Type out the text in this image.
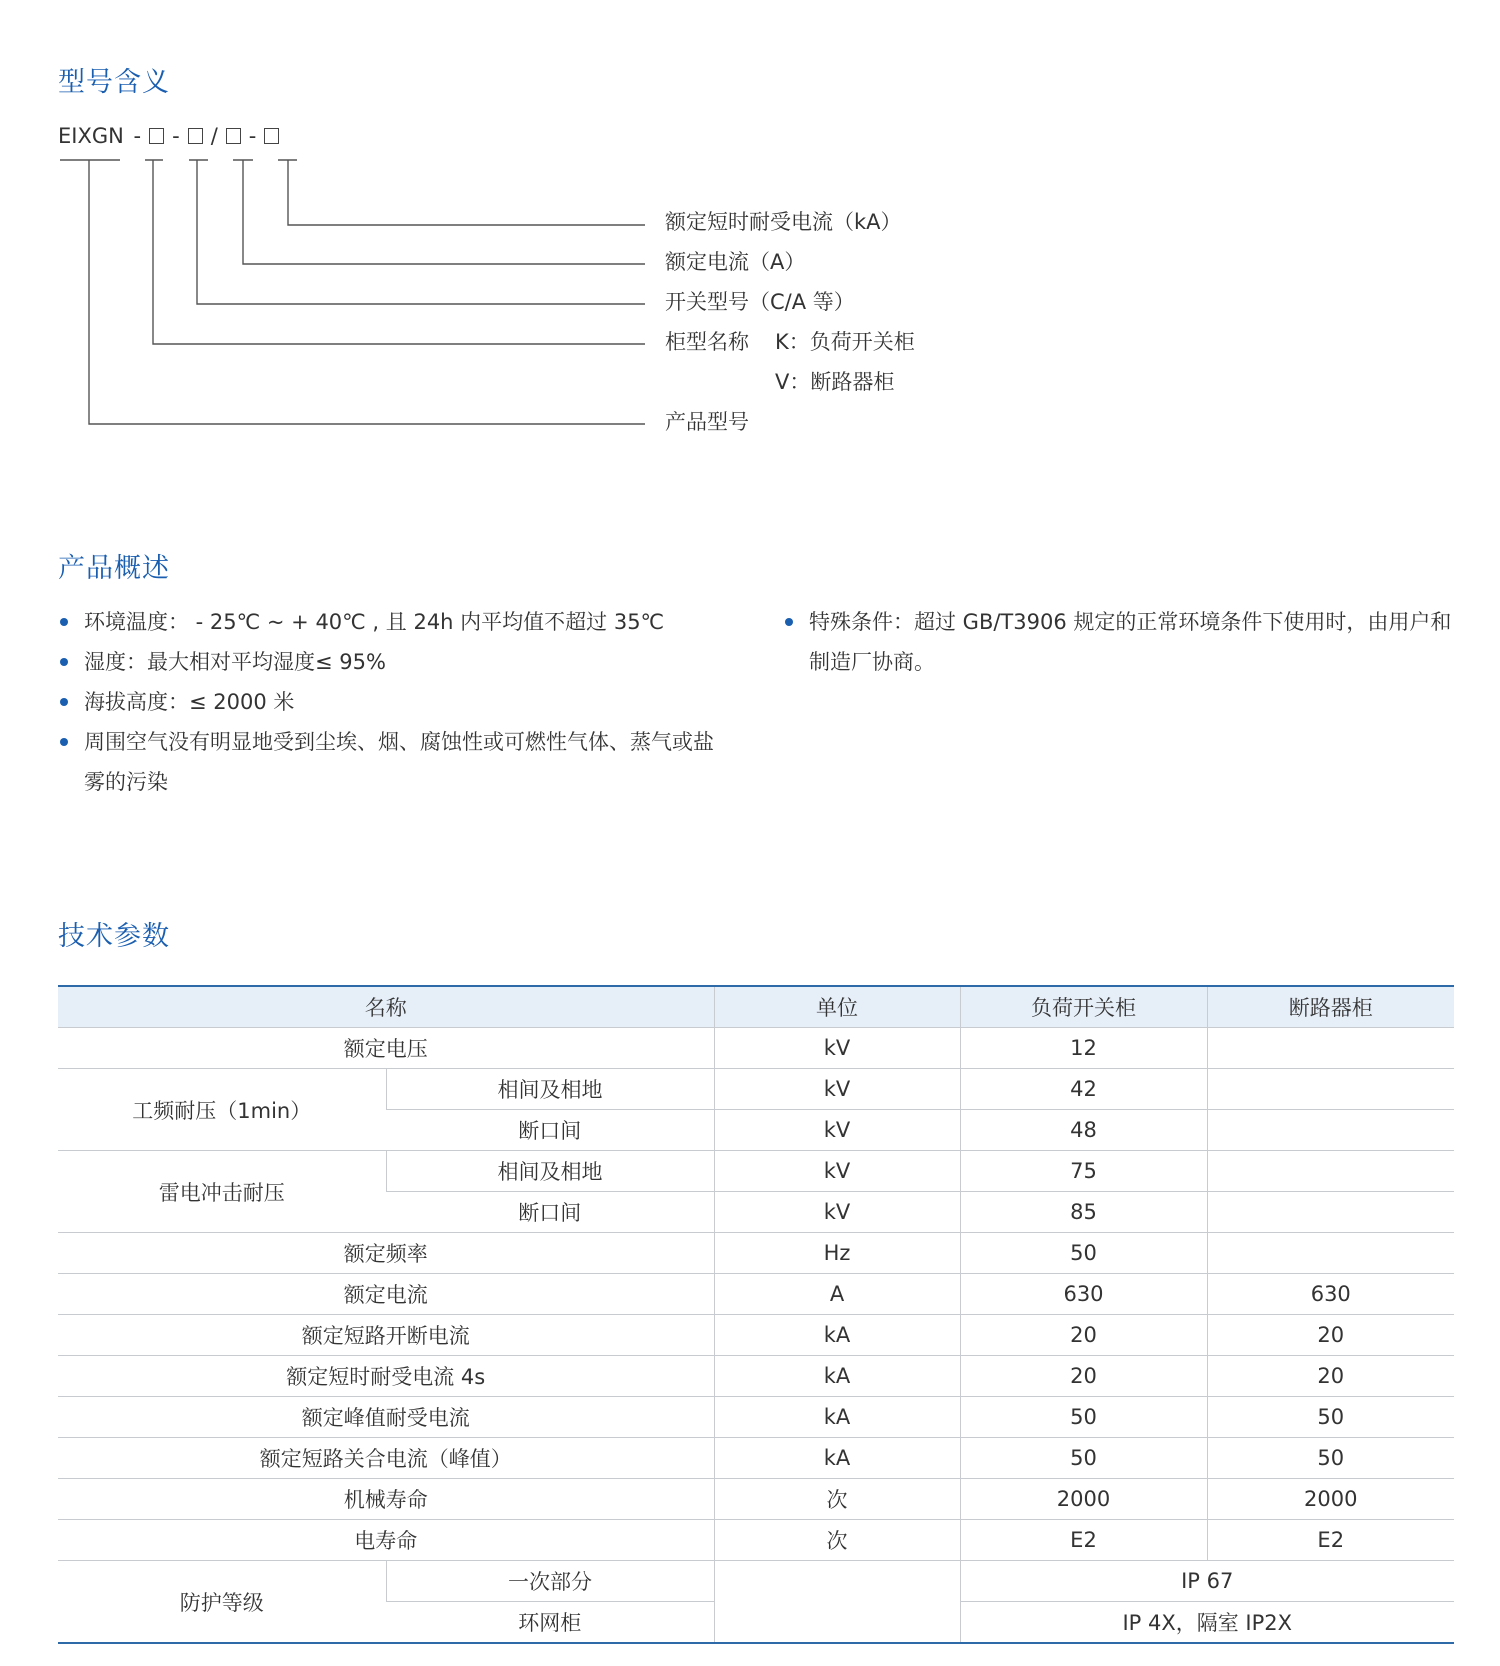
型号含义
EIXGN - - / -
额定短时耐受电流（kA）
额定电流（A）
开关型号（C/A 等）
柜型名称 K：负荷开关柜
V：断路器柜
产品型号
产品概述
环境温度： - 25℃ ~ + 40℃ , 且 24h 内平均值不超过 35℃
湿度：最大相对平均湿度≤ 95%
海拔高度：≤ 2000 米
周围空气没有明显地受到尘埃、烟、腐蚀性或可燃性气体、蒸气或盐雾的污染
特殊条件：超过 GB/T3906 规定的正常环境条件下使用时，由用户和制造厂协商。
技术参数
名称		单位	负荷开关柜	断路器柜
额定电压		kV	12	
工频耐压（1min）	相间及相地	kV	42	
	断口间	kV	48	
雷电冲击耐压	相间及相地	kV	75	
	断口间	kV	85	
额定频率		Hz	50	
额定电流		A	630	630
额定短路开断电流		kA	20	20
额定短时耐受电流 4s		kA	20	20
额定峰值耐受电流		kA	50	50
额定短路关合电流（峰值）		kA	50	50
机械寿命		次	2000	2000
电寿命		次	E2	E2
防护等级	一次部分		IP 67	
	环网柜		IP 4X，隔室 IP2X	
